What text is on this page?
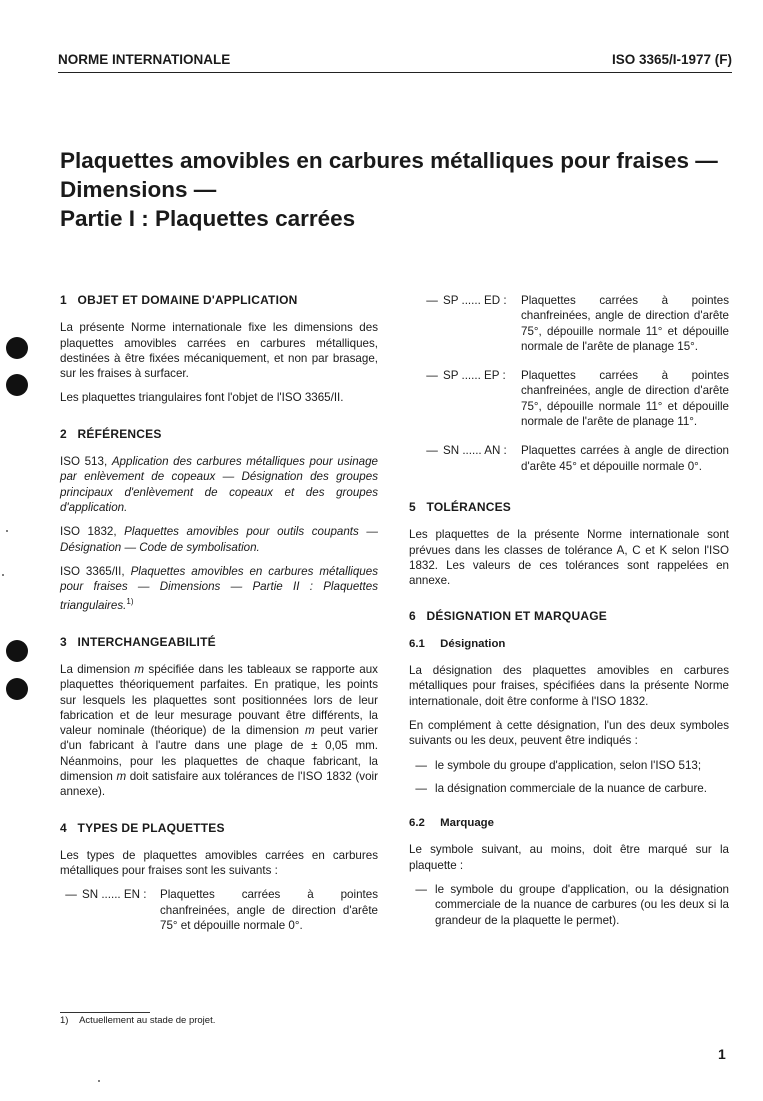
NORME INTERNATIONALE	ISO 3365/I-1977 (F)
Plaquettes amovibles en carbures métalliques pour fraises —
Dimensions —
Partie I : Plaquettes carrées
1 OBJET ET DOMAINE D'APPLICATION

La présente Norme internationale fixe les dimensions des plaquettes amovibles carrées en carbures métalliques, destinées à être fixées mécaniquement, et non par brasage, sur les fraises à surfacer.

Les plaquettes triangulaires font l'objet de l'ISO 3365/II.

2 RÉFÉRENCES

ISO 513, Application des carbures métalliques pour usinage par enlèvement de copeaux — Désignation des groupes principaux d'enlèvement de copeaux et des groupes d'application.

ISO 1832, Plaquettes amovibles pour outils coupants — Désignation — Code de symbolisation.

ISO 3365/II, Plaquettes amovibles en carbures métalliques pour fraises — Dimensions — Partie II : Plaquettes triangulaires.$^{1)}$

3 INTERCHANGEABILITÉ

La dimension m spécifiée dans les tableaux se rapporte aux plaquettes théoriquement parfaites. En pratique, les points sur lesquels les plaquettes sont positionnées lors de leur fabrication et de leur mesurage pouvant être différents, la valeur nominale (théorique) de la dimension m peut varier d'un fabricant à l'autre dans une plage de ± 0,05 mm. Néanmoins, pour les plaquettes de chaque fabricant, la dimension m doit satisfaire aux tolérances de l'ISO 1832 (voir annexe).

4 TYPES DE PLAQUETTES

Les types de plaquettes amovibles carrées en carbures métalliques pour fraises sont les suivants :

— SN ...... EN :	Plaquettes carrées à pointes chanfreinées, angle de direction d'arête 75° et dépouille normale 0°.
— SP ...... ED :	Plaquettes carrées à pointes chanfreinées, angle de direction d'arête 75°, dépouille normale 11° et dépouille normale de l'arête de planage 15°.
— SP ...... EP :	Plaquettes carrées à pointes chanfreinées, angle de direction d'arête 75°, dépouille normale 11° et dépouille normale de l'arête de planage 11°.
— SN ...... AN :	Plaquettes carrées à angle de direction d'arête 45° et dépouille normale 0°.
5 TOLÉRANCES

Les plaquettes de la présente Norme internationale sont prévues dans les classes de tolérance A, C et K selon l'ISO 1832. Les valeurs de ces tolérances sont rappelées en annexe.

6 DÉSIGNATION ET MARQUAGE
6.1 Désignation

La désignation des plaquettes amovibles en carbures métalliques pour fraises, spécifiées dans la présente Norme internationale, doit être conforme à l'ISO 1832.

En complément à cette désignation, l'un des deux symboles suivants ou les deux, peuvent être indiqués :

— le symbole du groupe d'application, selon l'ISO 513;
— la désignation commerciale de la nuance de carbure.
6.2 Marquage

Le symbole suivant, au moins, doit être marqué sur la plaquette :

— le symbole du groupe d'application, ou la désignation commerciale de la nuance de carbures (ou les deux si la grandeur de la plaquette le permet).
1) Actuellement au stade de projet.
1
